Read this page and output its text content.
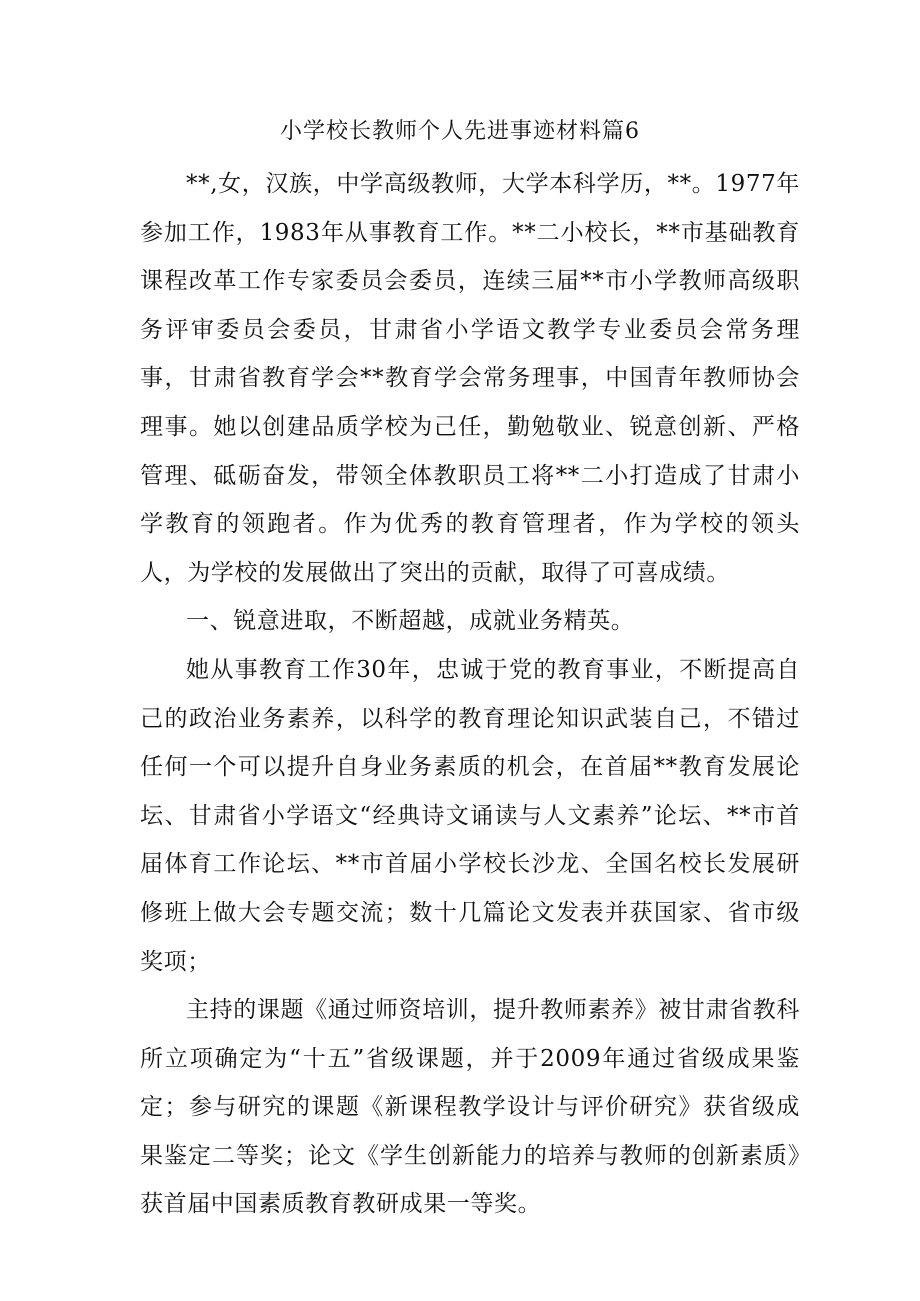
小学校长教师个人先进事迹材料篇6

**,女，汉族，中学高级教师，大学本科学历，**。1977年参加工作，1983年从事教育工作。**二小校长，**市基础教育课程改革工作专家委员会委员，连续三届**市小学教师高级职务评审委员会委员，甘肃省小学语文教学专业委员会常务理事，甘肃省教育学会**教育学会常务理事，中国青年教师协会理事。她以创建品质学校为己任，勤勉敬业、锐意创新、严格管理、砥砺奋发，带领全体教职员工将**二小打造成了甘肃小学教育的领跑者。作为优秀的教育管理者，作为学校的领头人，为学校的发展做出了突出的贡献，取得了可喜成绩。

一、锐意进取，不断超越，成就业务精英。

她从事教育工作30年，忠诚于党的教育事业，不断提高自己的政治业务素养，以科学的教育理论知识武装自己，不错过任何一个可以提升自身业务素质的机会，在首届**教育发展论坛、甘肃省小学语文“经典诗文诵读与人文素养”论坛、**市首届体育工作论坛、**市首届小学校长沙龙、全国名校长发展研修班上做大会专题交流；数十几篇论文发表并获国家、省市级奖项；

主持的课题《通过师资培训，提升教师素养》被甘肃省教科所立项确定为“十五”省级课题，并于2009年通过省级成果鉴定；参与研究的课题《新课程教学设计与评价研究》获省级成果鉴定二等奖；论文《学生创新能力的培养与教师的创新素质》获首届中国素质教育教研成果一等奖。
